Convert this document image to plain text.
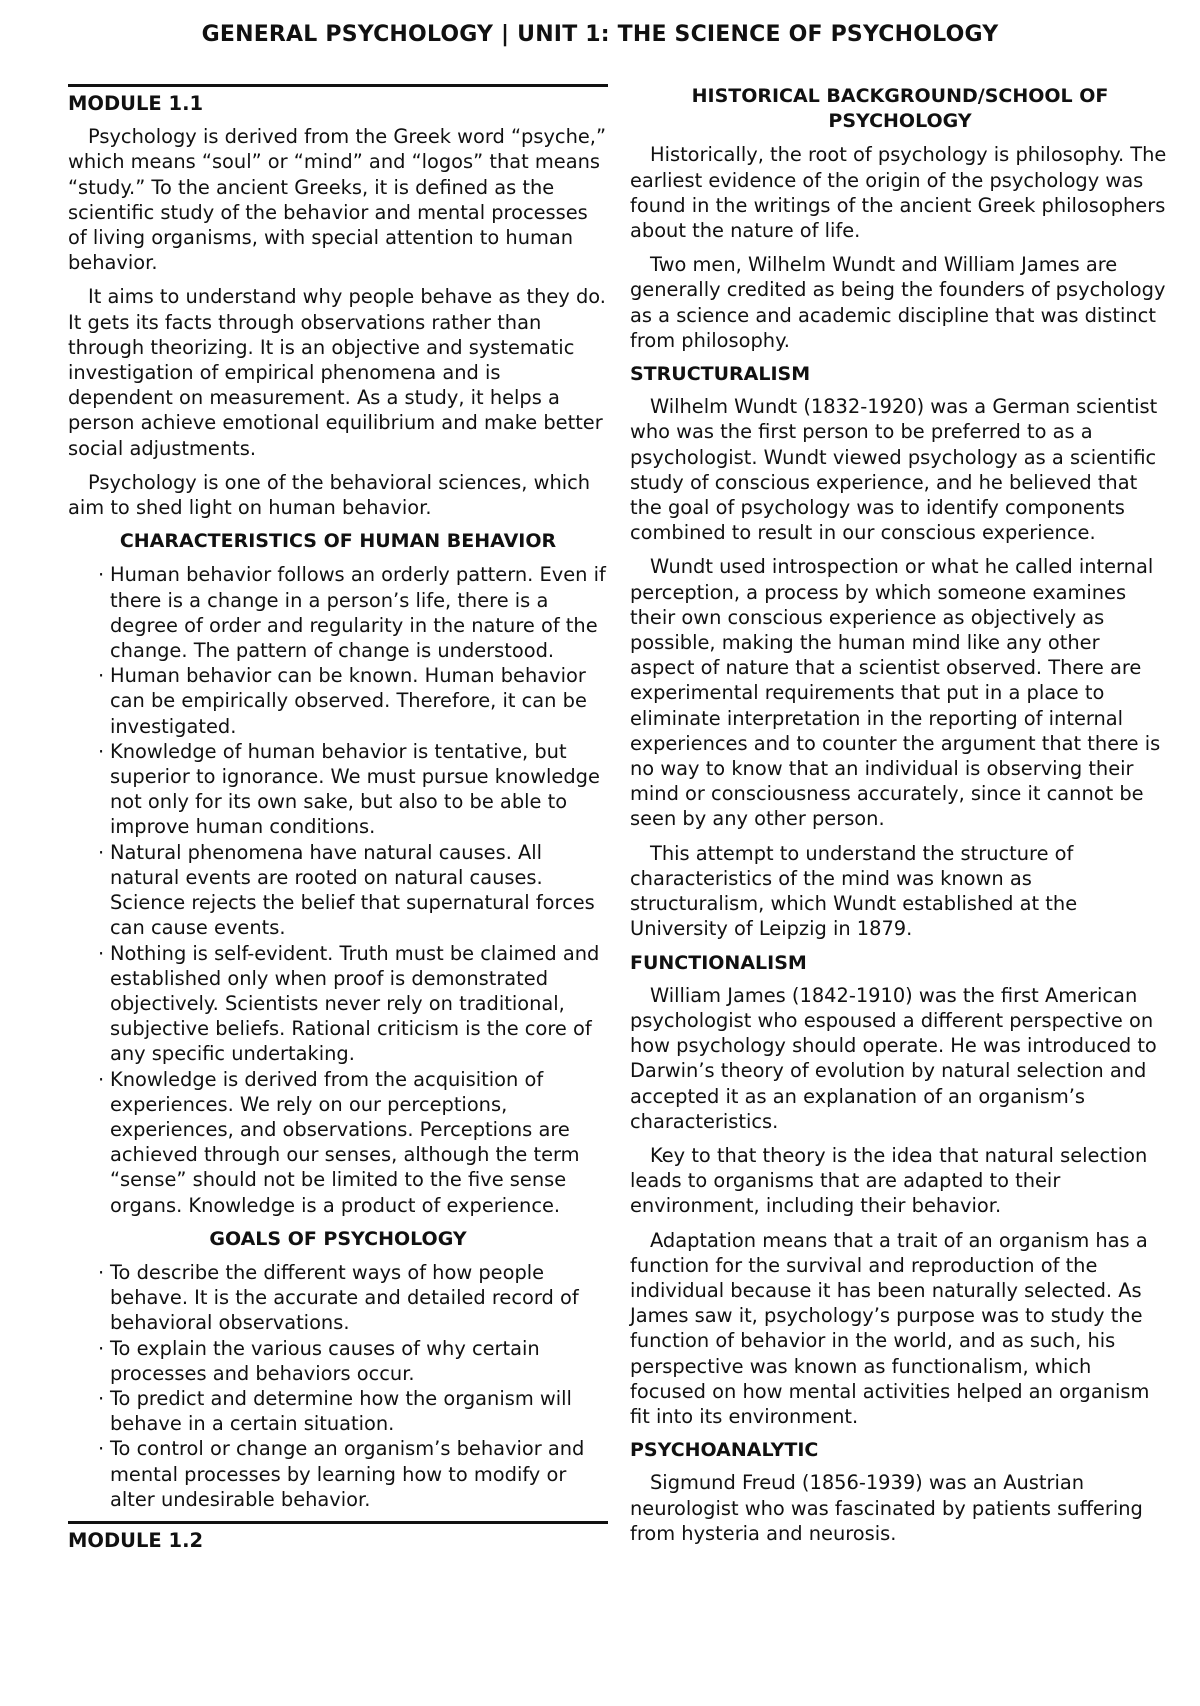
GENERAL PSYCHOLOGY | UNIT 1: THE SCIENCE OF PSYCHOLOGY
MODULE 1.1

Psychology is derived from the Greek word “psyche,” which means “soul” or “mind” and “logos” that means “study.” To the ancient Greeks, it is defined as the scientific study of the behavior and mental processes of living organisms, with special attention to human behavior.

It aims to understand why people behave as they do. It gets its facts through observations rather than through theorizing. It is an objective and systematic investigation of empirical phenomena and is dependent on measurement. As a study, it helps a person achieve emotional equilibrium and make better social adjustments.

Psychology is one of the behavioral sciences, which aim to shed light on human behavior.

CHARACTERISTICS OF HUMAN BEHAVIOR
· Human behavior follows an orderly pattern. Even if there is a change in a person’s life, there is a degree of order and regularity in the nature of the change. The pattern of change is understood.
· Human behavior can be known. Human behavior can be empirically observed. Therefore, it can be investigated.
· Knowledge of human behavior is tentative, but superior to ignorance. We must pursue knowledge not only for its own sake, but also to be able to improve human conditions.
· Natural phenomena have natural causes. All natural events are rooted on natural causes. Science rejects the belief that supernatural forces can cause events.
· Nothing is self-evident. Truth must be claimed and established only when proof is demonstrated objectively. Scientists never rely on traditional, subjective beliefs. Rational criticism is the core of any specific undertaking.
· Knowledge is derived from the acquisition of experiences. We rely on our perceptions, experiences, and observations. Perceptions are achieved through our senses, although the term “sense” should not be limited to the five sense organs. Knowledge is a product of experience.
GOALS OF PSYCHOLOGY
· To describe the different ways of how people behave. It is the accurate and detailed record of behavioral observations.
· To explain the various causes of why certain processes and behaviors occur.
· To predict and determine how the organism will behave in a certain situation.
· To control or change an organism’s behavior and mental processes by learning how to modify or alter undesirable behavior.
MODULE 1.2
HISTORICAL BACKGROUND/SCHOOL OF PSYCHOLOGY

Historically, the root of psychology is philosophy. The earliest evidence of the origin of the psychology was found in the writings of the ancient Greek philosophers about the nature of life.

Two men, Wilhelm Wundt and William James are generally credited as being the founders of psychology as a science and academic discipline that was distinct from philosophy.

STRUCTURALISM

Wilhelm Wundt (1832-1920) was a German scientist who was the first person to be preferred to as a psychologist. Wundt viewed psychology as a scientific study of conscious experience, and he believed that the goal of psychology was to identify components combined to result in our conscious experience.

Wundt used introspection or what he called internal perception, a process by which someone examines their own conscious experience as objectively as possible, making the human mind like any other aspect of nature that a scientist observed. There are experimental requirements that put in a place to eliminate interpretation in the reporting of internal experiences and to counter the argument that there is no way to know that an individual is observing their mind or consciousness accurately, since it cannot be seen by any other person.

This attempt to understand the structure of characteristics of the mind was known as structuralism, which Wundt established at the University of Leipzig in 1879.

FUNCTIONALISM

William James (1842-1910) was the first American psychologist who espoused a different perspective on how psychology should operate. He was introduced to Darwin’s theory of evolution by natural selection and accepted it as an explanation of an organism’s characteristics.

Key to that theory is the idea that natural selection leads to organisms that are adapted to their environment, including their behavior.

Adaptation means that a trait of an organism has a function for the survival and reproduction of the individual because it has been naturally selected. As James saw it, psychology’s purpose was to study the function of behavior in the world, and as such, his perspective was known as functionalism, which focused on how mental activities helped an organism fit into its environment.

PSYCHOANALYTIC

Sigmund Freud (1856-1939) was an Austrian neurologist who was fascinated by patients suffering from hysteria and neurosis.
